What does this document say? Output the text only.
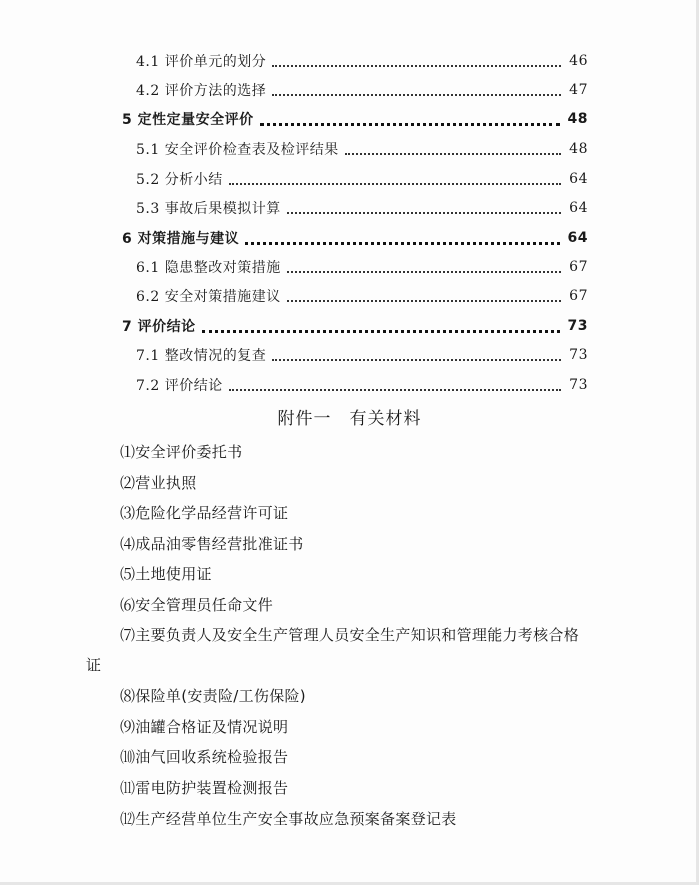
4.1 评价单元的划分	46
4.2 评价方法的选择	47
5 定性定量安全评价	48
5.1 安全评价检查表及检评结果	48
5.2 分析小结	64
5.3 事故后果模拟计算	64
6 对策措施与建议	64
6.1 隐患整改对策措施	67
6.2 安全对策措施建议	67
7 评价结论	73
7.1 整改情况的复查	73
7.2 评价结论	73
附件一　有关材料
⑴安全评价委托书
⑵营业执照
⑶危险化学品经营许可证
⑷成品油零售经营批准证书
⑸土地使用证
⑹安全管理员任命文件
⑺主要负责人及安全生产管理人员安全生产知识和管理能力考核合格
证
⑻保险单(安责险/工伤保险)
⑼油罐合格证及情况说明
⑽油气回收系统检验报告
⑾雷电防护装置检测报告
⑿生产经营单位生产安全事故应急预案备案登记表
